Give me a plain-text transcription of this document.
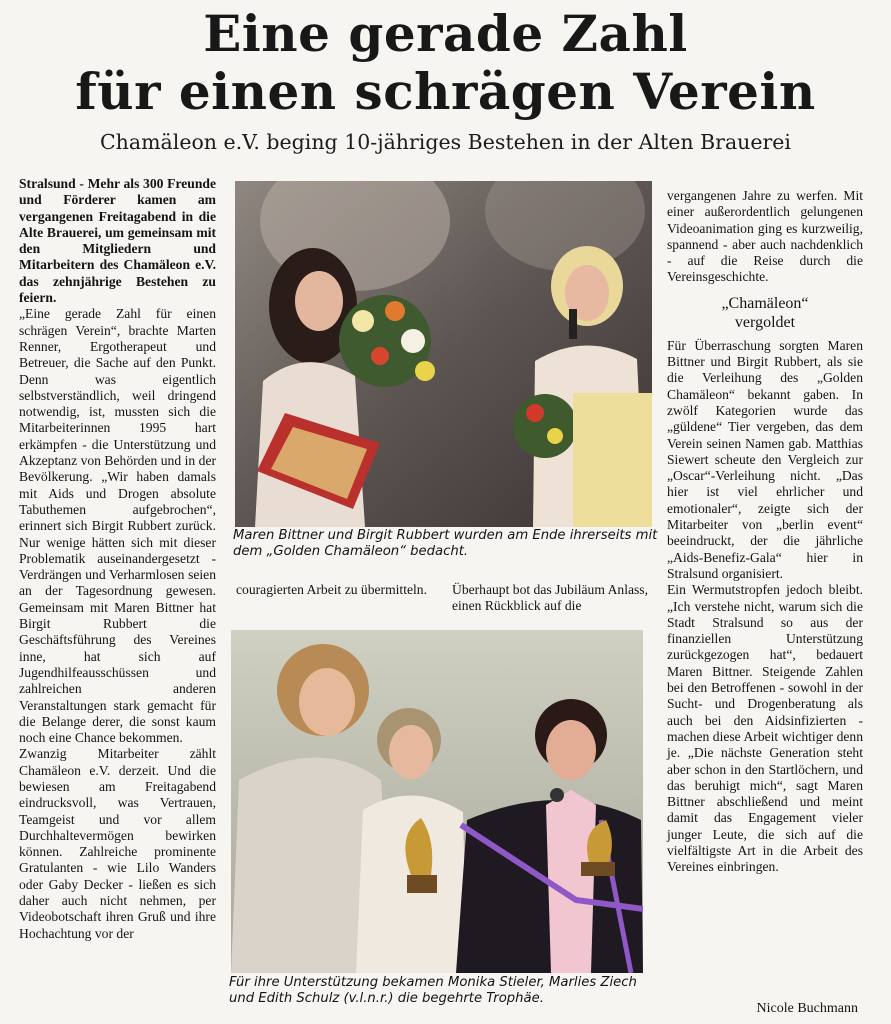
Eine gerade Zahl
für einen schrägen Verein

Chamäleon e.V. beging 10-jähriges Bestehen in der Alten Brauerei

Stralsund - Mehr als 300 Freunde und Förderer kamen am vergangenen Freitagabend in die Alte Brauerei, um gemeinsam mit den Mitgliedern und Mitarbeitern des Chamäleon e.V. das zehnjährige Bestehen zu feiern.

„Eine gerade Zahl für einen schrägen Verein“, brachte Marten Renner, Ergotherapeut und Betreuer, die Sache auf den Punkt. Denn was eigentlich selbstverständlich, weil dringend notwendig, ist, mussten sich die Mitarbeiterinnen 1995 hart erkämpfen - die Unterstützung und Akzeptanz von Behörden und in der Bevölkerung. „Wir haben damals mit Aids und Drogen absolute Tabuthemen aufgebrochen“, erinnert sich Birgit Rubbert zurück. Nur wenige hätten sich mit dieser Problematik auseinandergesetzt - Verdrängen und Verharmlosen seien an der Tagesordnung gewesen. Gemeinsam mit Maren Bittner hat Birgit Rubbert die Geschäftsführung des Vereines inne, hat sich auf Jugendhilfeausschüssen und zahlreichen anderen Veranstaltungen stark gemacht für die Belange derer, die sonst kaum noch eine Chance bekommen.

Zwanzig Mitarbeiter zählt Chamäleon e.V. derzeit. Und die bewiesen am Freitagabend eindrucksvoll, was Vertrauen, Teamgeist und vor allem Durchhaltevermögen bewirken können. Zahlreiche prominente Gratulanten - wie Lilo Wanders oder Gaby Decker - ließen es sich daher auch nicht nehmen, per Videobotschaft ihren Gruß und ihre Hochachtung vor der

Maren Bittner und Birgit Rubbert wurden am Ende ihrerseits mit dem „Golden Chamäleon“ bedacht.

couragierten Arbeit zu übermitteln.	Überhaupt bot das Jubiläum Anlass, einen Rückblick auf die

Für ihre Unterstützung bekamen Monika Stieler, Marlies Ziech und Edith Schulz (v.l.n.r.) die begehrte Trophäe.

vergangenen Jahre zu werfen. Mit einer außerordentlich gelungenen Videoanimation ging es kurzweilig, spannend - aber auch nachdenklich - auf die Reise durch die Vereinsgeschichte.

„Chamäleon“
vergoldet

Für Überraschung sorgten Maren Bittner und Birgit Rubbert, als sie die Verleihung des „Golden Chamäleon“ bekannt gaben. In zwölf Kategorien wurde das „güldene“ Tier vergeben, das dem Verein seinen Namen gab. Matthias Siewert scheute den Vergleich zur „Oscar“-Verleihung nicht. „Das hier ist viel ehrlicher und emotionaler“, zeigte sich der Mitarbeiter von „berlin event“ beeindruckt, der die jährliche „Aids-Benefiz-Gala“ hier in Stralsund organisiert.

Ein Wermutstropfen jedoch bleibt. „Ich verstehe nicht, warum sich die Stadt Stralsund so aus der finanziellen Unterstützung zurückgezogen hat“, bedauert Maren Bittner. Steigende Zahlen bei den Betroffenen - sowohl in der Sucht- und Drogenberatung als auch bei den Aidsinfizierten - machen diese Arbeit wichtiger denn je. „Die nächste Generation steht aber schon in den Startlöchern, und das beruhigt mich“, sagt Maren Bittner abschließend und meint damit das Engagement vieler junger Leute, die sich auf die vielfältigste Art in die Arbeit des Vereines einbringen.

Nicole Buchmann
